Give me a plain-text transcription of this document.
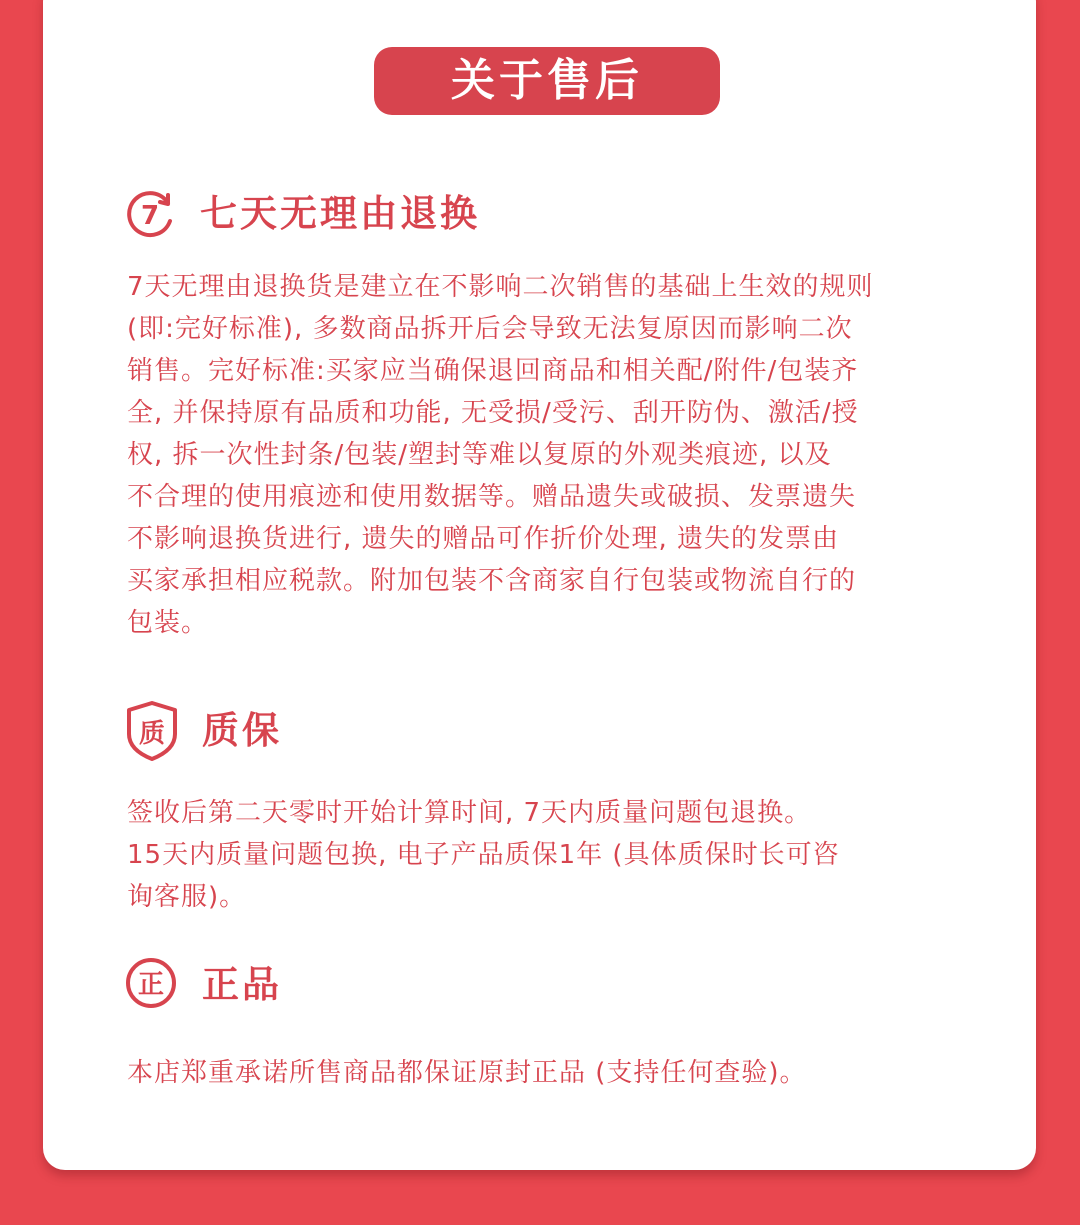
关于售后
7 七天无理由退换
7天无理由退换货是建立在不影响二次销售的基础上生效的规则
(即:完好标准), 多数商品拆开后会导致无法复原因而影响二次
销售。完好标准:买家应当确保退回商品和相关配/附件/包装齐
全, 并保持原有品质和功能, 无受损/受污、刮开防伪、激活/授
权, 拆一次性封条/包装/塑封等难以复原的外观类痕迹, 以及
不合理的使用痕迹和使用数据等。赠品遗失或破损、发票遗失
不影响退换货进行, 遗失的赠品可作折价处理, 遗失的发票由
买家承担相应税款。附加包装不含商家自行包装或物流自行的
包装。
质 质保
签收后第二天零时开始计算时间, 7天内质量问题包退换。
15天内质量问题包换, 电子产品质保1年 (具体质保时长可咨
询客服)。
正 正品
本店郑重承诺所售商品都保证原封正品 (支持任何查验)。
